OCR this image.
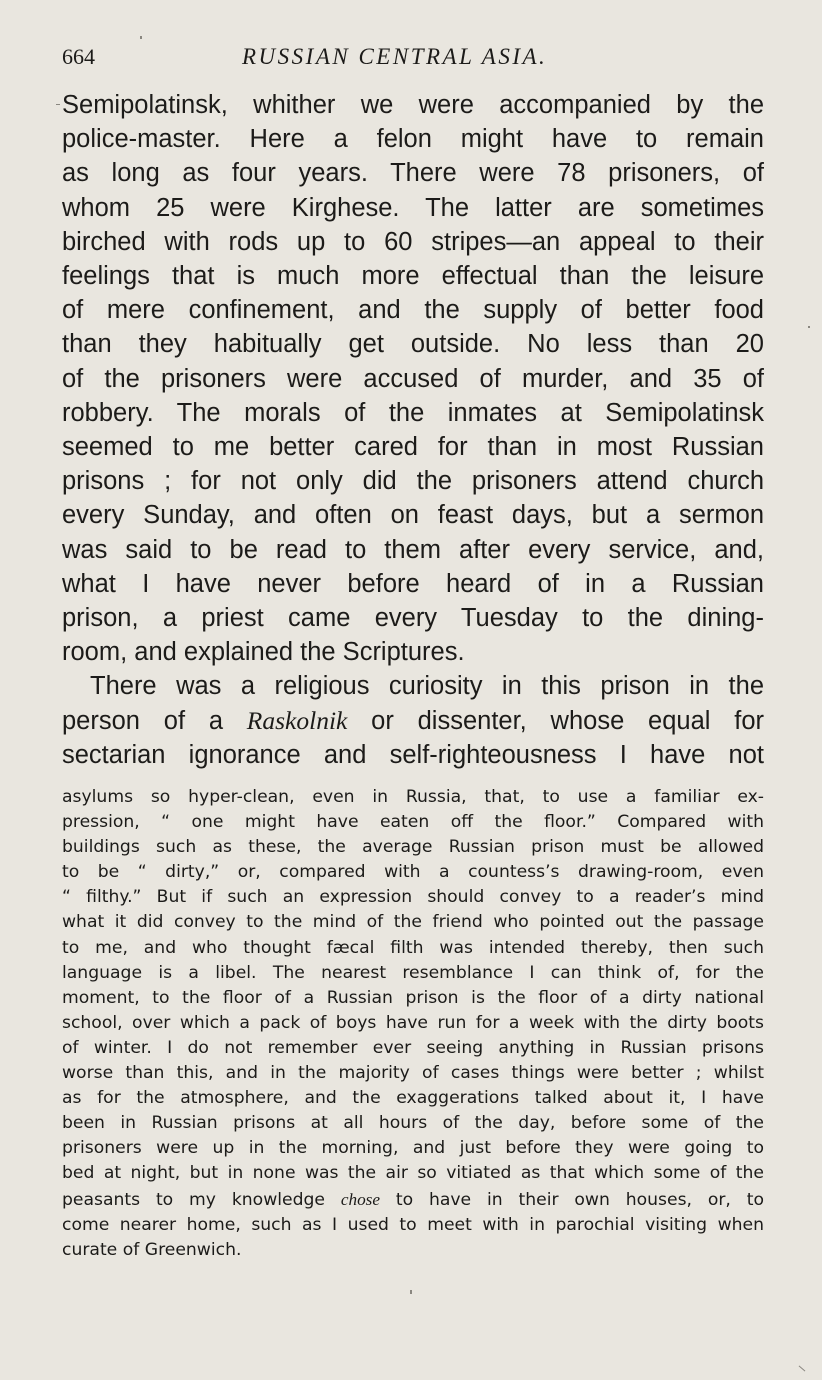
664	RUSSIAN CENTRAL ASIA.
Semipolatinsk, whither we were accompanied by the
police-master. Here a felon might have to remain
as long as four years. There were 78 prisoners, of
whom 25 were Kirghese. The latter are sometimes
birched with rods up to 60 stripes—an appeal to their
feelings that is much more effectual than the leisure
of mere confinement, and the supply of better food
than they habitually get outside. No less than 20
of the prisoners were accused of murder, and 35 of
robbery. The morals of the inmates at Semipolatinsk
seemed to me better cared for than in most Russian
prisons ; for not only did the prisoners attend church
every Sunday, and often on feast days, but a sermon
was said to be read to them after every service, and,
what I have never before heard of in a Russian
prison, a priest came every Tuesday to the dining-
room, and explained the Scriptures.
There was a religious curiosity in this prison in the
person of a Raskolnik or dissenter, whose equal for
sectarian ignorance and self-righteousness I have not
asylums so hyper-clean, even in Russia, that, to use a familiar ex-
pression, “ one might have eaten off the floor.” Compared with
buildings such as these, the average Russian prison must be allowed
to be “ dirty,” or, compared with a countess’s drawing-room, even
“ filthy.” But if such an expression should convey to a reader’s mind
what it did convey to the mind of the friend who pointed out the passage
to me, and who thought fæcal filth was intended thereby, then such
language is a libel. The nearest resemblance I can think of, for the
moment, to the floor of a Russian prison is the floor of a dirty national
school, over which a pack of boys have run for a week with the dirty boots
of winter. I do not remember ever seeing anything in Russian prisons
worse than this, and in the majority of cases things were better ; whilst
as for the atmosphere, and the exaggerations talked about it, I have
been in Russian prisons at all hours of the day, before some of the
prisoners were up in the morning, and just before they were going to
bed at night, but in none was the air so vitiated as that which some of the
peasants to my knowledge chose to have in their own houses, or, to
come nearer home, such as I used to meet with in parochial visiting when
curate of Greenwich.
